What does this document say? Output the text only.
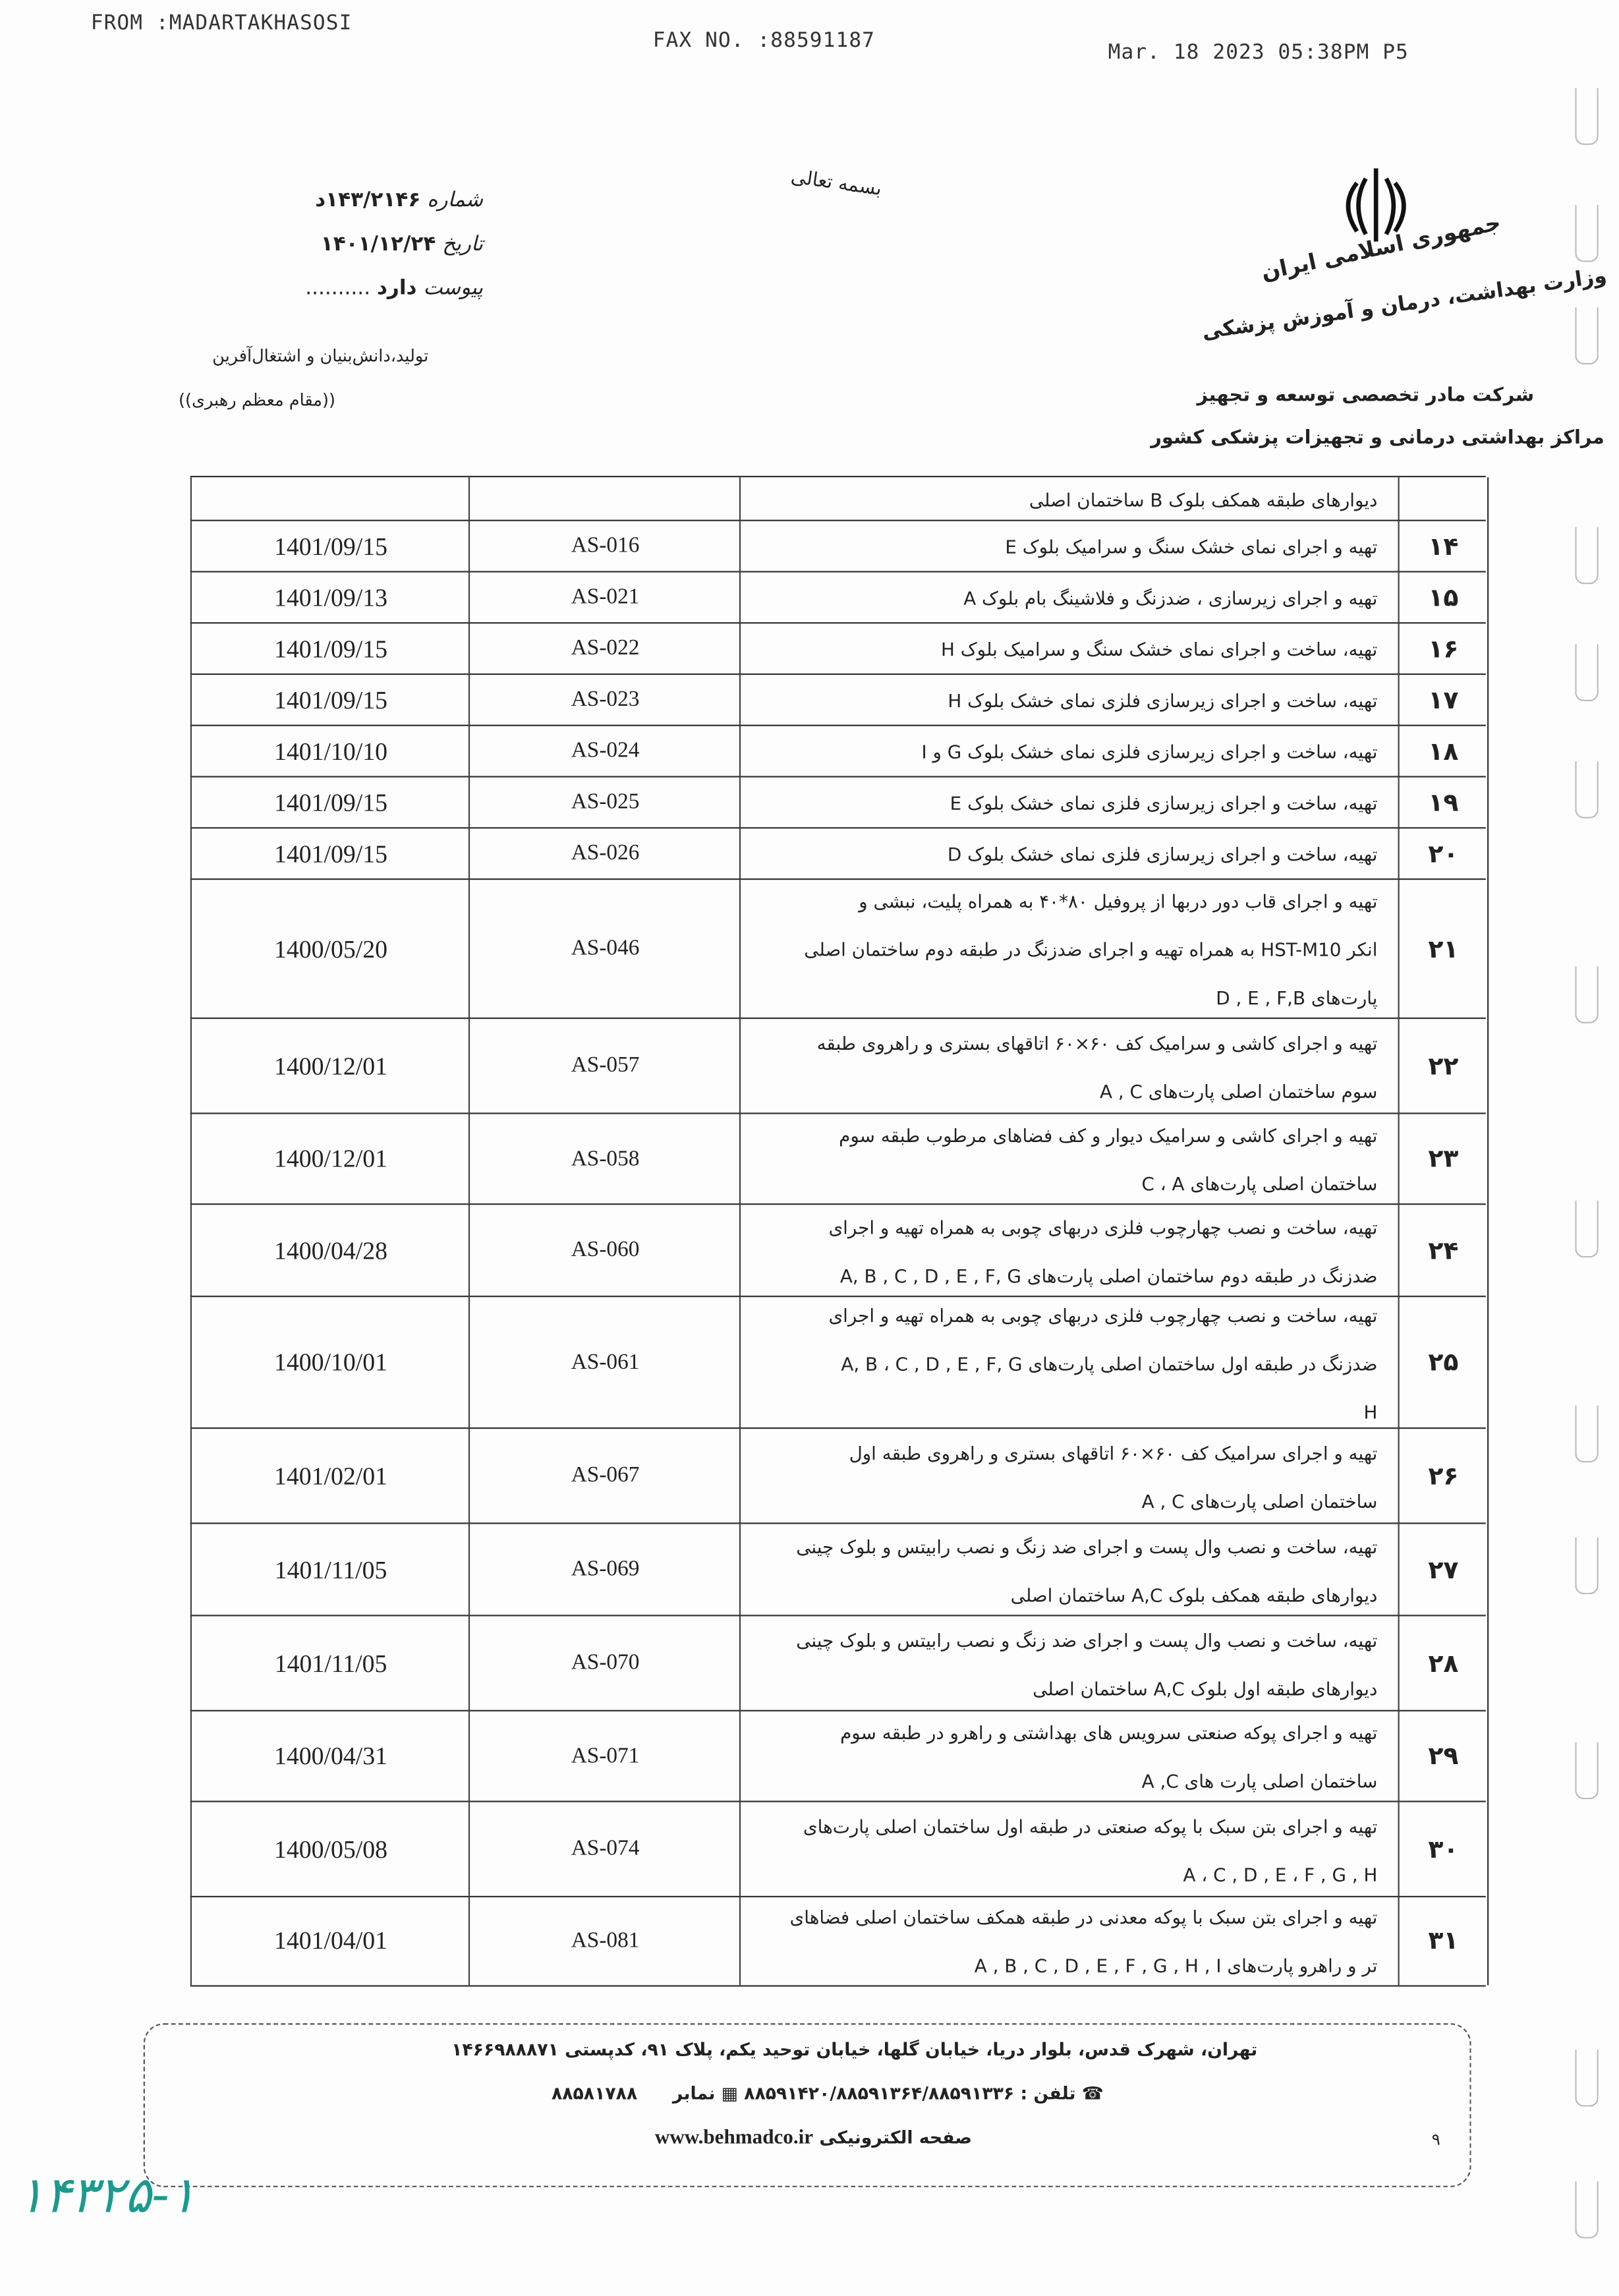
FROM :MADARTAKHASOSI
FAX NO. :88591187	Mar. 18 2023 05:38PM P5
بسمه تعالی
جمهوری اسلامی ایران
وزارت بهداشت، درمان و آموزش پزشکی
شرکت مادر تخصصی توسعه و تجهیز
مراکز بهداشتی درمانی و تجهیزات پزشکی کشور
شماره ۱۴۳/۲۱۴۶د
تاریخ ۱۴۰۱/۱۲/۲۴
پیوست دارد ..........
تولید،دانش‌بنیان و اشتغال‌آفرین
((مقام معظم رهبری))
دیوارهای طبقه همکف بلوک B ساختمان اصلی
1401/09/15	AS-016	تهیه و اجرای نمای خشک سنگ و سرامیک بلوک E	۱۴
1401/09/13	AS-021	تهیه و اجرای زیرسازی ، ضدزنگ و فلاشینگ بام بلوک A	۱۵
1401/09/15	AS-022	تهیه، ساخت و اجرای نمای خشک سنگ و سرامیک بلوک H	۱۶
1401/09/15	AS-023	تهیه، ساخت و اجرای زیرسازی فلزی نمای خشک بلوک H	۱۷
1401/10/10	AS-024	تهیه، ساخت و اجرای زیرسازی فلزی نمای خشک بلوک G و I	۱۸
1401/09/15	AS-025	تهیه، ساخت و اجرای زیرسازی فلزی نمای خشک بلوک E	۱۹
1401/09/15	AS-026	تهیه، ساخت و اجرای زیرسازی فلزی نمای خشک بلوک D	۲۰
1400/05/20	AS-046
تهیه و اجرای قاب دور دربها از پروفیل ۸۰*۴۰ به همراه پلیت، نبشی و
انکر HST-M10 به همراه تهیه و اجرای ضدزنگ در طبقه دوم ساختمان اصلی
پارت‌های D , E , F,B
۲۱
1400/12/01	AS-057
تهیه و اجرای کاشی و سرامیک کف ۶۰×۶۰ اتاقهای بستری و راهروی طبقه
سوم ساختمان اصلی پارت‌های A , C
۲۲
1400/12/01	AS-058
تهیه و اجرای کاشی و سرامیک دیوار و کف فضاهای مرطوب طبقه سوم
ساختمان اصلی پارت‌های C ، A
۲۳
1400/04/28	AS-060
تهیه، ساخت و نصب چهارچوب فلزی دربهای چوبی به همراه تهیه و اجرای
ضدزنگ در طبقه دوم ساختمان اصلی پارت‌های A, B , C , D , E , F, G
۲۴
1400/10/01	AS-061
تهیه، ساخت و نصب چهارچوب فلزی دربهای چوبی به همراه تهیه و اجرای
ضدزنگ در طبقه اول ساختمان اصلی پارت‌های A, B ، C , D , E , F, G
H
۲۵
1401/02/01	AS-067
تهیه و اجرای سرامیک کف ۶۰×۶۰ اتاقهای بستری و راهروی طبقه اول
ساختمان اصلی پارت‌های A , C
۲۶
1401/11/05	AS-069
تهیه، ساخت و نصب وال پست و اجرای ضد زنگ و نصب رابیتس و بلوک چینی
دیوارهای طبقه همکف بلوک A,C ساختمان اصلی
۲۷
1401/11/05	AS-070
تهیه، ساخت و نصب وال پست و اجرای ضد زنگ و نصب رابیتس و بلوک چینی
دیوارهای طبقه اول بلوک A,C ساختمان اصلی
۲۸
1400/04/31	AS-071
تهیه و اجرای پوکه صنعتی سرویس های بهداشتی و راهرو در طبقه سوم
ساختمان اصلی پارت های A ,C
۲۹
1400/05/08	AS-074
تهیه و اجرای بتن سبک با پوکه صنعتی در طبقه اول ساختمان اصلی پارت‌های
A ، C , D , E ، F , G , H
۳۰
1401/04/01	AS-081
تهیه و اجرای بتن سبک با پوکه معدنی در طبقه همکف ساختمان اصلی فضاهای
تر و راهرو پارت‌های A , B , C , D , E , F , G , H , I
۳۱
تهران، شهرک قدس، بلوار دریا، خیابان گلها، خیابان توحید یکم، پلاک ۹۱، کدپستی ۱۴۶۶۹۸۸۸۷۱
☎ تلفن : ۸۸۵۹۱۴۲۰/۸۸۵۹۱۳۶۴/۸۸۵۹۱۳۳۶ ▦ نمابر ۸۸۵۸۱۷۸۸
صفحه الکترونیکی www.behmadco.ir	۹
۱۴۳۲۵-۱
